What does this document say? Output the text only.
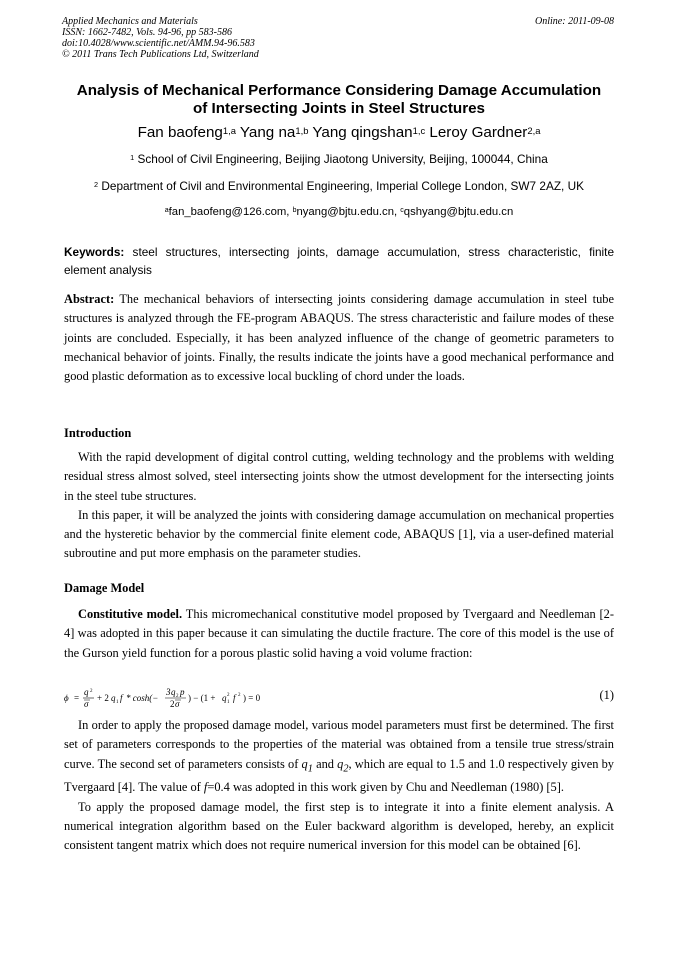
Applied Mechanics and Materials
ISSN: 1662-7482, Vols. 94-96, pp 583-586
doi:10.4028/www.scientific.net/AMM.94-96.583
© 2011 Trans Tech Publications Ltd, Switzerland
Online: 2011-09-08
Analysis of Mechanical Performance Considering Damage Accumulation
of Intersecting Joints in Steel Structures
Fan baofeng$^{1,a}$ Yang na$^{1,b}$ Yang qingshan$^{1,c}$ Leroy Gardner$^{2,a}$
$^1$ School of Civil Engineering, Beijing Jiaotong University, Beijing, 100044, China
$^2$ Department of Civil and Environmental Engineering, Imperial College London, SW7 2AZ, UK
$^a$fan_baofeng@126.com, $^b$nyang@bjtu.edu.cn, $^c$qshyang@bjtu.edu.cn
Keywords: steel structures, intersecting joints, damage accumulation, stress characteristic, finite element analysis

Abstract: The mechanical behaviors of intersecting joints considering damage accumulation in steel tube structures is analyzed through the FE-program ABAQUS. The stress characteristic and failure modes of these joints are concluded. Especially, it has been analyzed influence of the change of geometric parameters to mechanical behavior of joints. Finally, the results indicate the joints have a good mechanical performance and good plastic deformation as to excessive local buckling of chord under the loads.

Introduction

With the rapid development of digital control cutting, welding technology and the problems with welding residual stress almost solved, steel intersecting joints show the utmost development for the intersecting joints in the steel tube structures.

In this paper, it will be analyzed the joints with considering damage accumulation on mechanical properties and the hysteretic behavior by the commercial finite element code, ABAQUS [1], via a user-defined material subroutine and put more emphasis on the parameter studies.

Damage Model

Constitutive model. This micromechanical constitutive model proposed by Tvergaard and Needleman [2-4] was adopted in this paper because it can simulating the ductile fracture. The core of this model is the use of the Gurson yield function for a porous plastic solid having a void volume fraction:

ϕ =
q 2
σ
+ 2 q 1 f * cosh(−
3 q 2 p
2 σ
) − (1 + q 1
2 f 2 ) = 0	(1)

In order to apply the proposed damage model, various model parameters must first be determined. The first set of parameters corresponds to the properties of the material was obtained from a tensile true stress/strain curve. The second set of parameters consists of $q_1$ and $q_2$, which are equal to 1.5 and 1.0 respectively given by Tvergaard [4]. The value of f=0.4 was adopted in this work given by Chu and Needleman (1980) [5].

To apply the proposed damage model, the first step is to integrate it into a finite element analysis. A numerical integration algorithm based on the Euler backward algorithm is developed, hereby, an explicit consistent tangent matrix which does not require numerical inversion for this model can be obtained [6].
